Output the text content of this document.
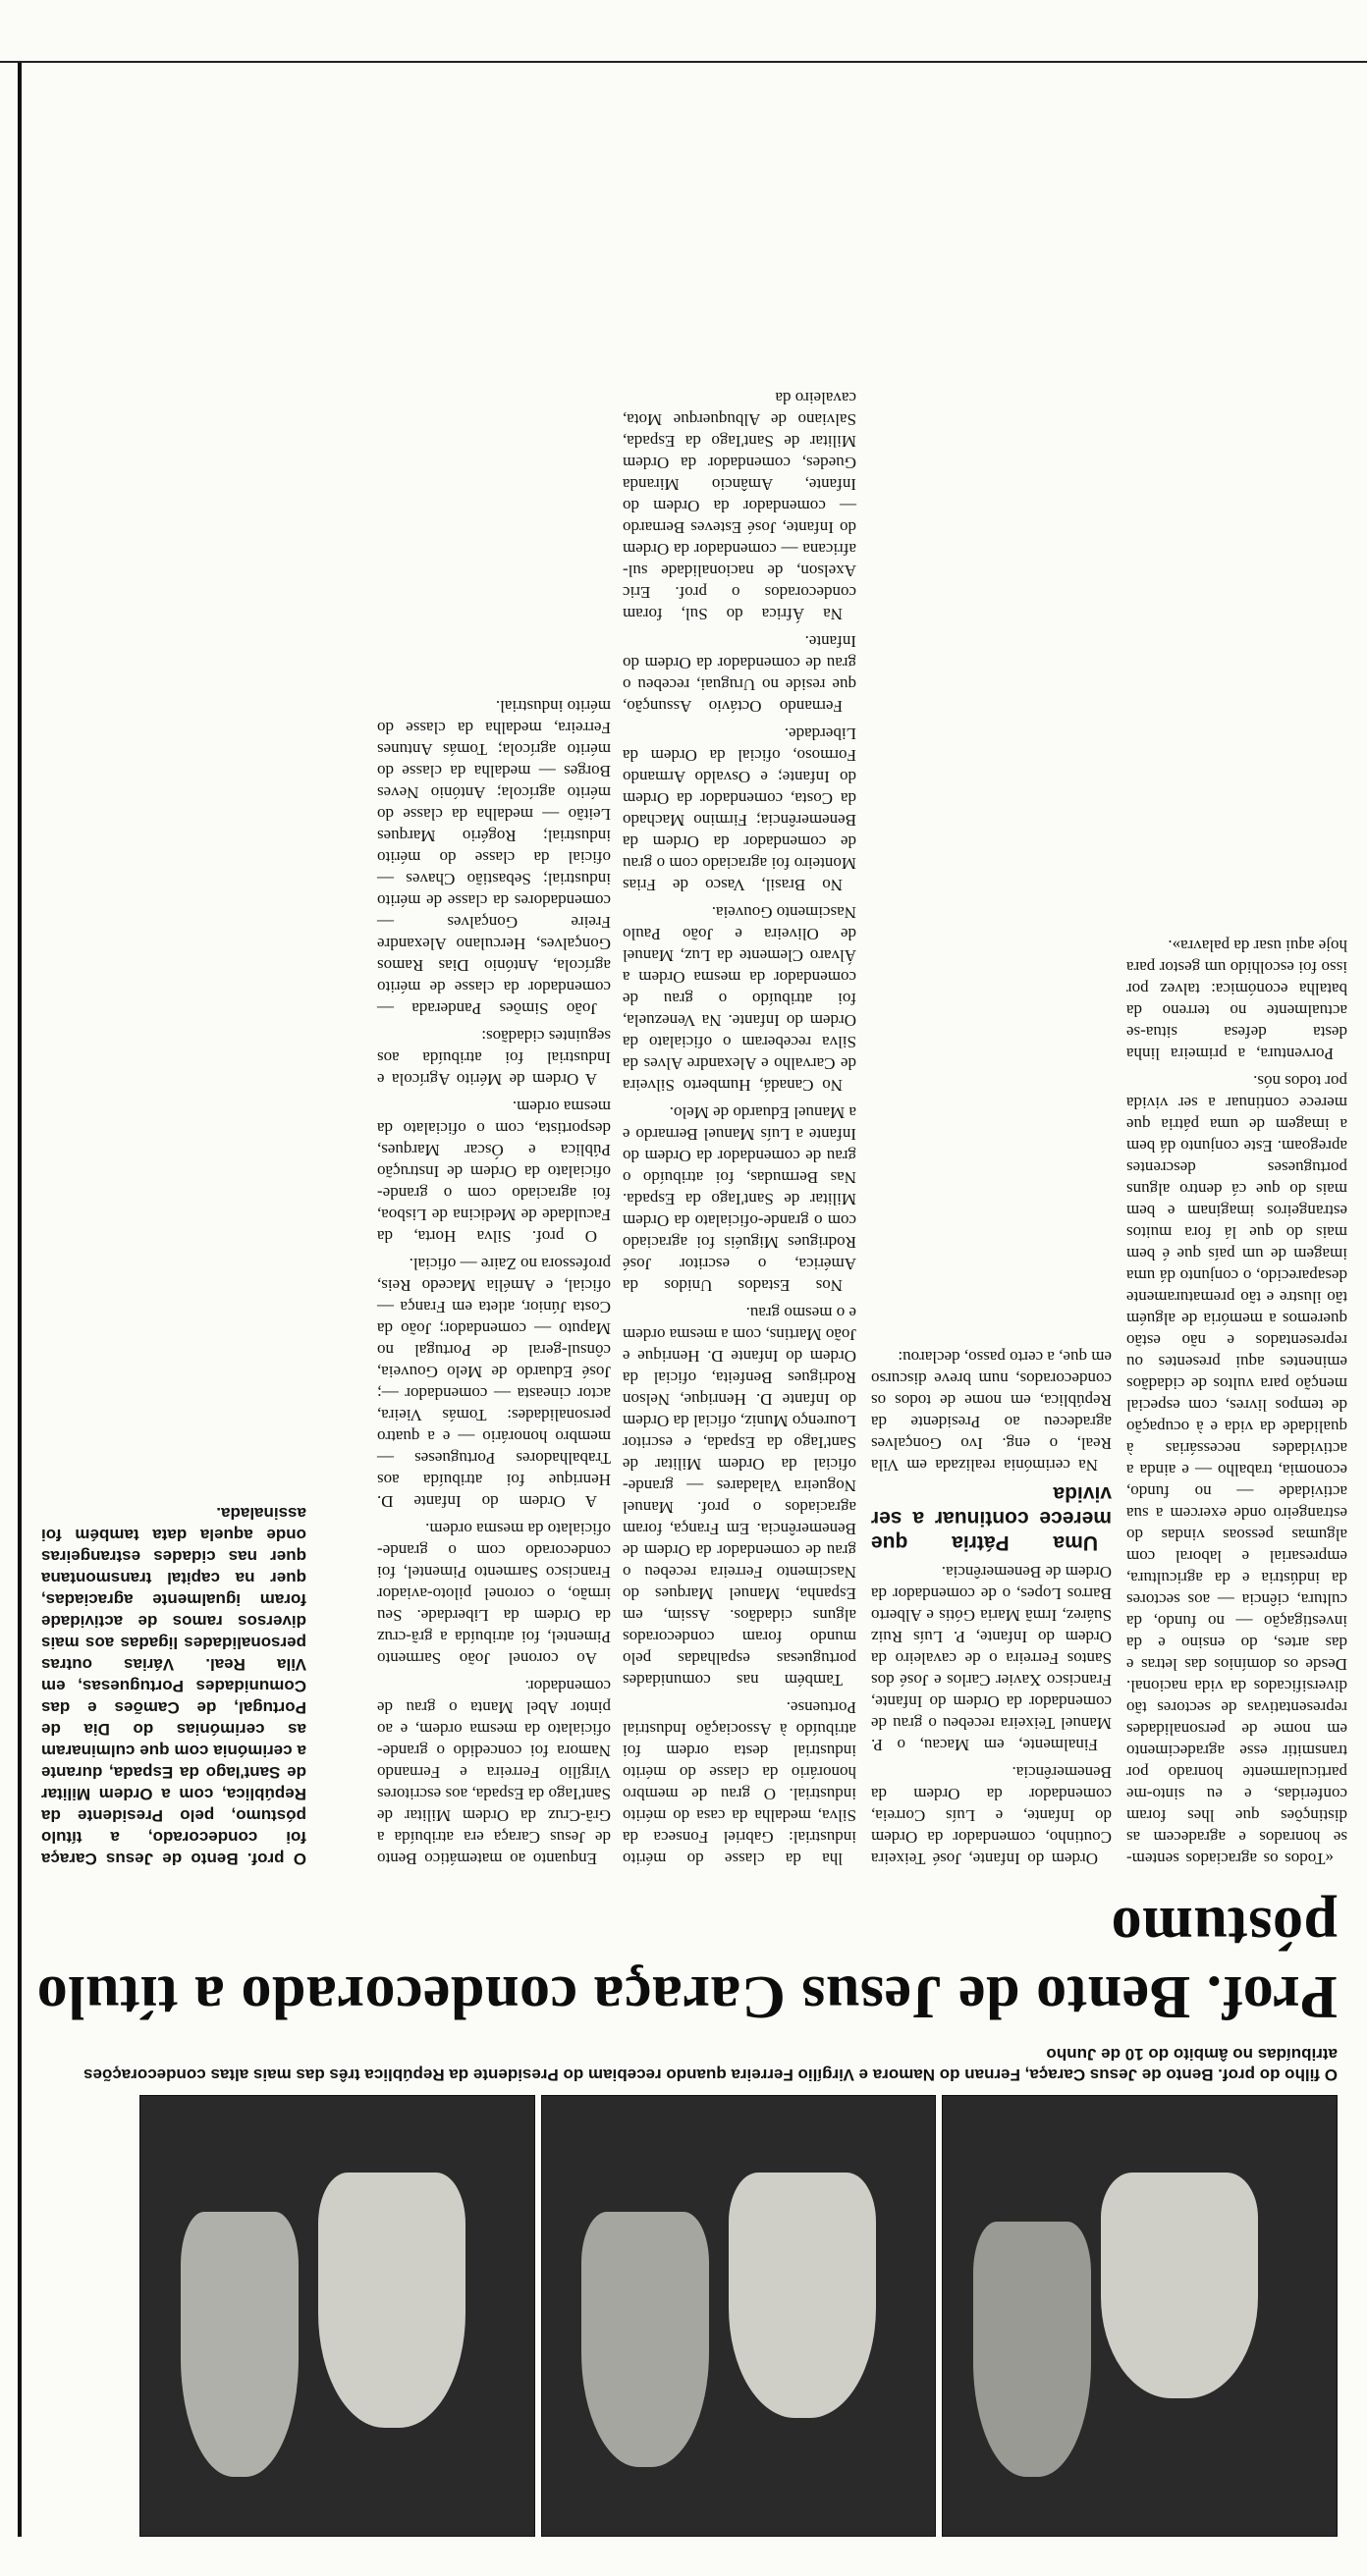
O filho do prof. Bento de Jesus Caraça, Fernan do Namora e Virgílio Ferreira quando recebiam do Presidente da República três das mais altas condecorações atribuídas no âmbito do 10 de Junho
Prof. Bento de Jesus Caraça condecorado a título póstumo
O prof. Bento de Jesus Caraça foi condecorado, a título póstumo, pelo Presidente da República, com a Ordem Militar de Sant'Iago da Espada, durante a cerimónia com que culminaram as cerimónias do Dia de Portugal, de Camões e das Comunidades Portuguesas, em Vila Real. Várias outras personalidades ligadas aos mais diversos ramos de actividade foram igualmente agraciadas, quer na capital transmontana quer nas cidades estrangeiras onde aquela data também foi assinalada.

Enquanto ao matemático Bento de Jesus Caraça era atribuída a Grã-Cruz da Ordem Militar de Sant'Iago da Espada, aos escritores Virgílio Ferreira e Fernando Namora foi concedido o grande-oficialato da mesma ordem, e ao pintor Abel Manta o grau de comendador.

Ao coronel João Sarmento Pimentel, foi atribuída a grã-cruz da Ordem da Liberdade. Seu irmão, o coronel piloto-aviador Francisco Sarmento Pimentel, foi condecorado com o grande-oficialato da mesma ordem.

A Ordem do Infante D. Henrique foi atribuída aos Trabalhadores Portugueses — membro honorário — e a quatro personalidades: Tomás Vieira, actor cineasta — comendador —; José Eduardo de Melo Gouveia, cônsul-geral de Portugal no Maputo — comendador; João da Costa Júnior, atleta em França — oficial, e Amélia Macedo Reis, professora no Zaire — oficial.

O prof. Silva Horta, da Faculdade de Medicina de Lisboa, foi agraciado com o grande-oficialato da Ordem de Instrução Pública e Óscar Marques, desportista, com o oficialato da mesma ordem.

A Ordem de Mérito Agrícola e Industrial foi atribuída aos seguintes cidadãos:

João Simões Panderada — comendador da classe de mérito agrícola, António Dias Ramos Gonçalves, Herculano Alexandre Freire Gonçalves — comendadores da classe de mérito industrial; Sebastião Chaves — oficial da classe do mérito industrial; Rogério Marques Leitão — medalha da classe do mérito agrícola; António Neves Borges — medalha da classe do mérito agrícola; Tomás Antunes Ferreira, medalha da classe do mérito industrial.

lha da classe do mérito industrial: Gabriel Fonseca da Silva, medalha da casa do mérito industrial. O grau de membro honorário da classe do mérito industrial desta ordem foi atribuído à Associação Industrial Portuense.

Também nas comunidades portuguesas espalhadas pelo mundo foram condecorados alguns cidadãos. Assim, em Espanha, Manuel Marques do Nascimento Ferreira recebeu o grau de comendador da Ordem de Benemerência. Em França, foram agraciados o prof. Manuel Nogueira Valadares — grande-oficial da Ordem Militar de Sant'Iago da Espada, e escritor Lourenço Muniz, oficial da Ordem do Infante D. Henrique, Nelson Rodrigues Benfeita, oficial da Ordem do Infante D. Henrique e João Martins, com a mesma ordem e o mesmo grau.

Nos Estados Unidos da América, o escritor José Rodrigues Miguéis foi agraciado com o grande-oficialato da Ordem Militar de Sant'Iago da Espada. Nas Bermudas, foi atribuído o grau de comendador da Ordem do Infante a Luís Manuel Bernardo e a Manuel Eduardo de Melo.

No Canadá, Humberto Silveira de Carvalho e Alexandre Alves da Silva receberam o oficialato da Ordem do Infante. Na Venezuela, foi atribuído o grau de comendador da mesma Ordem a Álvaro Clemente da Luz, Manuel de Oliveira e João Paulo Nascimento Gouveia.

No Brasil, Vasco de Frias Monteiro foi agraciado com o grau de comendador da Ordem da Benemerência; Firmino Machado da Costa, comendador da Ordem do Infante; e Osvaldo Armando Formoso, oficial da Ordem da Liberdade.

Fernando Octávio Assunção, que reside no Uruguai, recebeu o grau de comendador da Ordem do Infante.

Na África do Sul, foram condecorados o prof. Eric Axelson, de nacionalidade sul-africana — comendador da Ordem do Infante, José Esteves Bernardo — comendador da Ordem do Infante, Amâncio Miranda Guedes, comendador da Ordem Militar de Sant'Iago da Espada, Salviano de Albuquerque Mota, cavaleiro da

Ordem do Infante, José Teixeira Coutinho, comendador da Ordem do Infante, e Luís Correia, comendador da Ordem da Benemerência.

Finalmente, em Macau, o P. Manuel Teixeira recebeu o grau de comendador da Ordem do Infante, Francisco Xavier Carlos e José dos Santos Ferreira o de cavaleiro da Ordem do Infante, P. Luís Ruiz Suárez, Irmã Maria Gótis e Alberto Barros Lopes, o de comendador da Ordem de Benemerência.

Uma Pátria que merece continuar a ser vivida

Na cerimónia realizada em Vila Real, o eng. Ivo Gonçalves agradeceu ao Presidente da República, em nome de todos os condecorados, num breve discurso em que, a certo passo, declarou:

«Todos os agraciados sentem-se honrados e agradecem as distinções que lhes foram conferidas, e eu sinto-me particularmente honrado por transmitir esse agradecimento em nome de personalidades representativas de sectores tão diversificados da vida nacional. Desde os domínios das letras e das artes, do ensino e da investigação — no fundo, da cultura, ciência — aos sectores da indústria e da agricultura, empresarial e laboral com algumas pessoas vindas do estrangeiro onde exercem a sua actividade — no fundo, economia, trabalho — e ainda a actividades necessárias à qualidade da vida e à ocupação de tempos livres, com especial menção para vultos de cidadãos eminentes aqui presentes ou representados e não estão queremos a memória de alguém tão ilustre e tão prematuramente desaparecido, o conjunto dá uma imagem de um país que é bem mais do que lá fora muitos estrangeiros imaginam e bem mais do que cá dentro alguns portugueses descrentes apregoam. Este conjunto dá bem a imagem de uma pátria que merece continuar a ser vivida por todos nós.

Porventura, a primeira linha desta defesa situa-se actualmente no terreno da batalha económica: talvez por isso foi escolhido um gestor para hoje aqui usar da palavra».
